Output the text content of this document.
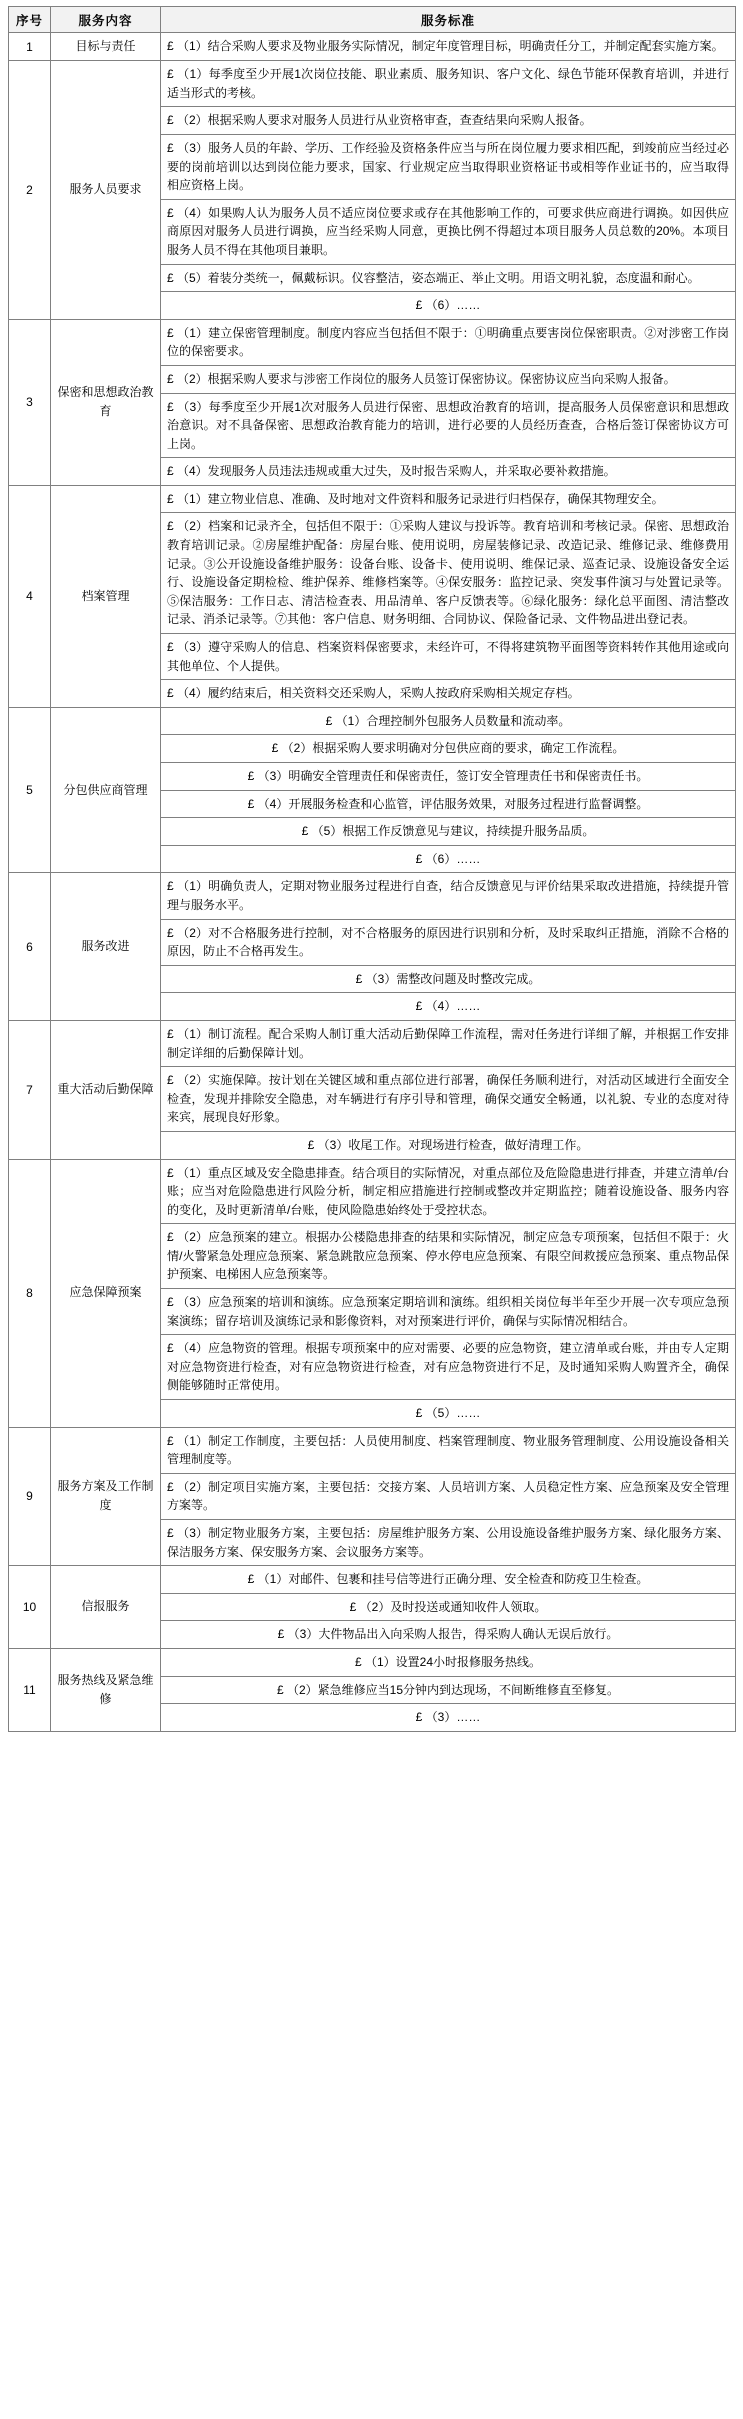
序号	服务内容	服务标准
1	目标与责任	£ （1）结合采购人要求及物业服务实际情况，制定年度管理目标，明确责任分工，并制定配套实施方案。

2	服务人员要求	
£ （1）每季度至少开展1次岗位技能、职业素质、服务知识、客户文化、绿色节能环保教育培训，并进行适当形式的考核。
£ （2）根据采购人要求对服务人员进行从业资格审查，查查结果向采购人报备。
£ （3）服务人员的年龄、学历、工作经验及资格条件应当与所在岗位履力要求相匹配，到竣前应当经过必要的岗前培训以达到岗位能力要求，国家、行业规定应当取得职业资格证书或相等作业证书的，应当取得相应资格上岗。
£ （4）如果购人认为服务人员不适应岗位要求或存在其他影响工作的，可要求供应商进行调换。如因供应商原因对服务人员进行调换，应当经采购人同意，更换比例不得超过本项目服务人员总数的20%。本项目服务人员不得在其他项目兼职。
£ （5）着装分类统一，佩戴标识。仪容整洁，姿态端正、举止文明。用语文明礼貌，态度温和耐心。
£ （6）……

3	保密和思想政治教育	£ （1）建立保密管理制度。制度内容应当包括但不限于：①明确重点要害岗位保密职责。②对涉密工作岗位的保密要求。
£ （2）根据采购人要求与涉密工作岗位的服务人员签订保密协议。保密协议应当向采购人报备。
£ （3）每季度至少开展1次对服务人员进行保密、思想政治教育的培训，提高服务人员保密意识和思想政治意识。对不具备保密、思想政治教育能力的培训，进行必要的人员经历查查，合格后签订保密协议方可上岗。
£ （4）发现服务人员违法违规或重大过失，及时报告采购人，并采取必要补救措施。

4	档案管理	£ （1）建立物业信息、准确、及时地对文件资料和服务记录进行归档保存，确保其物理安全。
£ （2）档案和记录齐全，包括但不限于：①采购人建议与投诉等。教育培训和考核记录。保密、思想政治教育培训记录。②房屋维护配备：房屋台账、使用说明，房屋装修记录、改造记录、维修记录、维修费用记录。③公开设施设备维护服务：设备台账、设备卡、使用说明、维保记录、巡查记录、设施设备安全运行、设施设备定期检检、维护保养、维修档案等。④保安服务：监控记录、突发事件演习与处置记录等。⑤保洁服务：工作日志、清洁检查表、用品清单、客户反馈表等。⑥绿化服务：绿化总平面图、清洁整改记录、消杀记录等。⑦其他：客户信息、财务明细、合同协议、保险备记录、文件物品进出登记表。
£ （3）遵守采购人的信息、档案资料保密要求，未经许可，不得将建筑物平面图等资料转作其他用途或向其他单位、个人提供。
£ （4）履约结束后，相关资料交还采购人，采购人按政府采购相关规定存档。

5	分包供应商管理	
£ （1）合理控制外包服务人员数量和流动率。
£ （2）根据采购人要求明确对分包供应商的要求，确定工作流程。
£ （3）明确安全管理责任和保密责任，签订安全管理责任书和保密责任书。
£ （4）开展服务检查和心监管，评估服务效果，对服务过程进行监督调整。
£ （5）根据工作反馈意见与建议，持续提升服务品质。
£ （6）……

6	服务改进	£ （1）明确负责人，定期对物业服务过程进行自查，结合反馈意见与评价结果采取改进措施，持续提升管理与服务水平。
£ （2）对不合格服务进行控制，对不合格服务的原因进行识别和分析，及时采取纠正措施，消除不合格的原因，防止不合格再发生。
£ （3）需整改问题及时整改完成。
£ （4）……

7	重大活动后勤保障	£ （1）制订流程。配合采购人制订重大活动后勤保障工作流程，需对任务进行详细了解，并根据工作安排制定详细的后勤保障计划。
£ （2）实施保障。按计划在关键区域和重点部位进行部署，确保任务顺利进行，对活动区域进行全面安全检查，发现并排除安全隐患，对车辆进行有序引导和管理，确保交通安全畅通，以礼貌、专业的态度对待来宾，展现良好形象。
£ （3）收尾工作。对现场进行检查，做好清理工作。

8	应急保障预案	£ （1）重点区域及安全隐患排查。结合项目的实际情况，对重点部位及危险隐患进行排查，并建立清单/台账；应当对危险隐患进行风险分析，制定相应措施进行控制或整改并定期监控；随着设施设备、服务内容的变化，及时更新清单/台账，使风险隐患始终处于受控状态。
£ （2）应急预案的建立。根据办公楼隐患排查的结果和实际情况，制定应急专项预案，包括但不限于：火情/火警紧急处理应急预案、紧急跳散应急预案、停水停电应急预案、有限空间救援应急预案、重点物品保护预案、电梯困人应急预案等。
£ （3）应急预案的培训和演练。应急预案定期培训和演练。组织相关岗位每半年至少开展一次专项应急预案演练；留存培训及演练记录和影像资料，对对预案进行评价，确保与实际情况相结合。
£ （4）应急物资的管理。根据专项预案中的应对需要、必要的应急物资，建立清单或台账，并由专人定期对应急物资进行检查，对有应急物资进行检查，对有应急物资进行不足，及时通知采购人购置齐全，确保侧能够随时正常使用。
£ （5）……

9	服务方案及工作制度	£ （1）制定工作制度，主要包括：人员使用制度、档案管理制度、物业服务管理制度、公用设施设备相关管理制度等。
£ （2）制定项目实施方案，主要包括：交接方案、人员培训方案、人员稳定性方案、应急预案及安全管理方案等。
£ （3）制定物业服务方案，主要包括：房屋维护服务方案、公用设施设备维护服务方案、绿化服务方案、保洁服务方案、保安服务方案、会议服务方案等。

10	信报服务	£ （1）对邮件、包裹和挂号信等进行正确分理、安全检查和防疫卫生检查。
£ （2）及时投送或通知收件人领取。
£ （3）大件物品出入向采购人报告，得采购人确认无误后放行。

11	服务热线及紧急维修	£ （1）设置24小时报修服务热线。
£ （2）紧急维修应当15分钟内到达现场，不间断维修直至修复。
£ （3）……
